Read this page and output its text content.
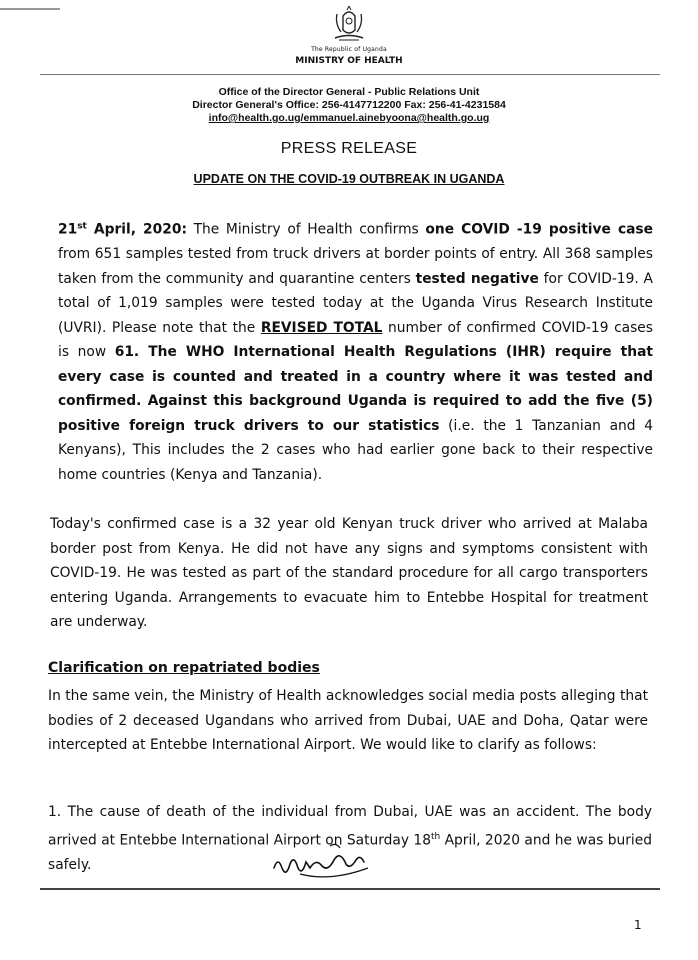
The Republic of Uganda
MINISTRY OF HEALTH
Office of the Director General - Public Relations Unit
Director General's Office: 256-4147712200 Fax: 256-41-4231584
info@health.go.ug/emmanuel.ainebyoona@health.go.ug
PRESS RELEASE
UPDATE ON THE COVID-19 OUTBREAK IN UGANDA
21st April, 2020: The Ministry of Health confirms one COVID -19 positive case from 651 samples tested from truck drivers at border points of entry. All 368 samples taken from the community and quarantine centers tested negative for COVID-19. A total of 1,019 samples were tested today at the Uganda Virus Research Institute (UVRI). Please note that the REVISED TOTAL number of confirmed COVID-19 cases is now 61. The WHO International Health Regulations (IHR) require that every case is counted and treated in a country where it was tested and confirmed. Against this background Uganda is required to add the five (5) positive foreign truck drivers to our statistics (i.e. the 1 Tanzanian and 4 Kenyans), This includes the 2 cases who had earlier gone back to their respective home countries (Kenya and Tanzania).
Today's confirmed case is a 32 year old Kenyan truck driver who arrived at Malaba border post from Kenya. He did not have any signs and symptoms consistent with COVID-19. He was tested as part of the standard procedure for all cargo transporters entering Uganda. Arrangements to evacuate him to Entebbe Hospital for treatment are underway.
Clarification on repatriated bodies
In the same vein, the Ministry of Health acknowledges social media posts alleging that bodies of 2 deceased Ugandans who arrived from Dubai, UAE and Doha, Qatar were intercepted at Entebbe International Airport. We would like to clarify as follows:
1. The cause of death of the individual from Dubai, UAE was an accident. The body arrived at Entebbe International Airport on Saturday 18th April, 2020 and he was buried safely.
1
